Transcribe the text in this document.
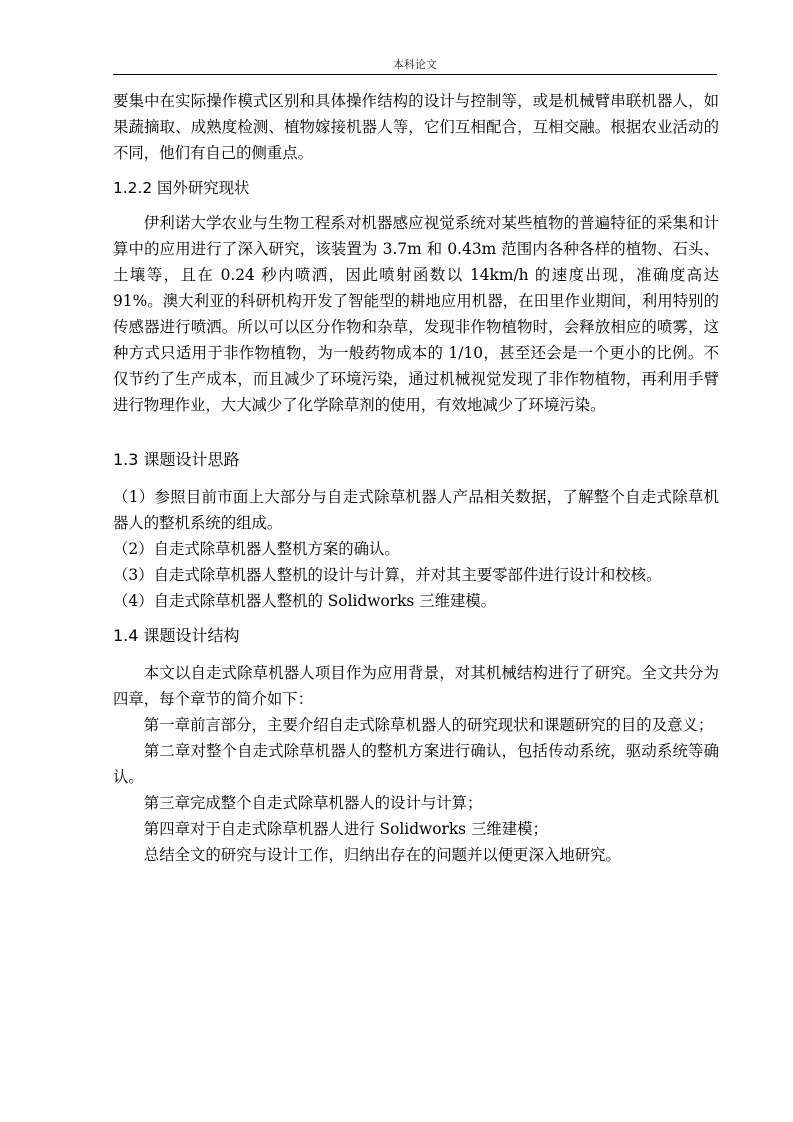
本科论文

要集中在实际操作模式区别和具体操作结构的设计与控制等，或是机械臂串联机器人，如果蔬摘取、成熟度检测、植物嫁接机器人等，它们互相配合，互相交融。根据农业活动的不同，他们有自己的侧重点。

1.2.2 国外研究现状

伊利诺大学农业与生物工程系对机器感应视觉系统对某些植物的普遍特征的采集和计算中的应用进行了深入研究，该装置为 3.7m 和 0.43m 范围内各种各样的植物、石头、土壤等，且在 0.24 秒内喷洒，因此喷射函数以 14km/h 的速度出现，准确度高达 91%。澳大利亚的科研机构开发了智能型的耕地应用机器，在田里作业期间，利用特别的传感器进行喷洒。所以可以区分作物和杂草，发现非作物植物时，会释放相应的喷雾，这种方式只适用于非作物植物，为一般药物成本的 1/10，甚至还会是一个更小的比例。不仅节约了生产成本，而且减少了环境污染，通过机械视觉发现了非作物植物，再利用手臂进行物理作业，大大减少了化学除草剂的使用，有效地减少了环境污染。

1.3 课题设计思路

（1）参照目前市面上大部分与自走式除草机器人产品相关数据，了解整个自走式除草机器人的整机系统的组成。

（2）自走式除草机器人整机方案的确认。

（3）自走式除草机器人整机的设计与计算，并对其主要零部件进行设计和校核。

（4）自走式除草机器人整机的 Solidworks 三维建模。

1.4 课题设计结构

本文以自走式除草机器人项目作为应用背景，对其机械结构进行了研究。全文共分为四章，每个章节的简介如下：

第一章前言部分，主要介绍自走式除草机器人的研究现状和课题研究的目的及意义；

第二章对整个自走式除草机器人的整机方案进行确认，包括传动系统，驱动系统等确认。

第三章完成整个自走式除草机器人的设计与计算；

第四章对于自走式除草机器人进行 Solidworks 三维建模；

总结全文的研究与设计工作，归纳出存在的问题并以便更深入地研究。
